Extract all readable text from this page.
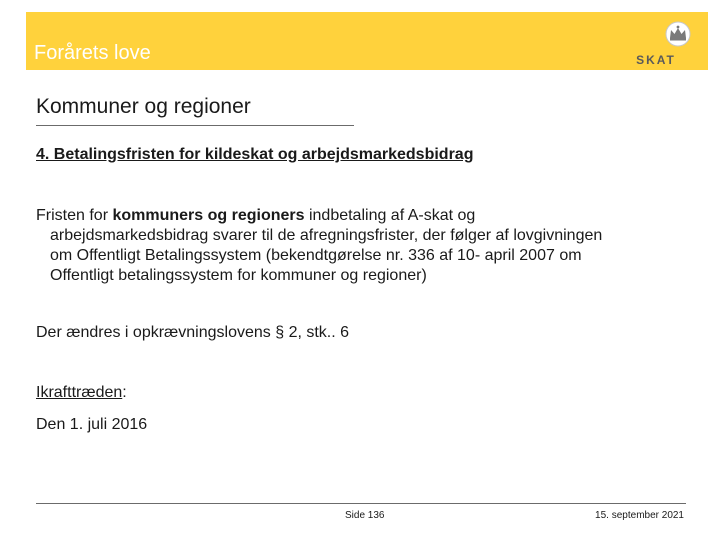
Forårets love	SKAT
Kommuner og regioner
4. Betalingsfristen for kildeskat og arbejdsmarkedsbidrag
Fristen for kommuners og regioners indbetaling af A-skat og
arbejdsmarkedsbidrag svarer til de afregningsfrister, der følger af lovgivningen
om Offentligt Betalingssystem (bekendtgørelse nr. 336 af 10- april 2007 om
Offentligt betalingssystem for kommuner og regioner)
Der ændres i opkrævningslovens § 2, stk.. 6
Ikrafttræden:
Den 1. juli 2016
Side 136	15. september 2021
